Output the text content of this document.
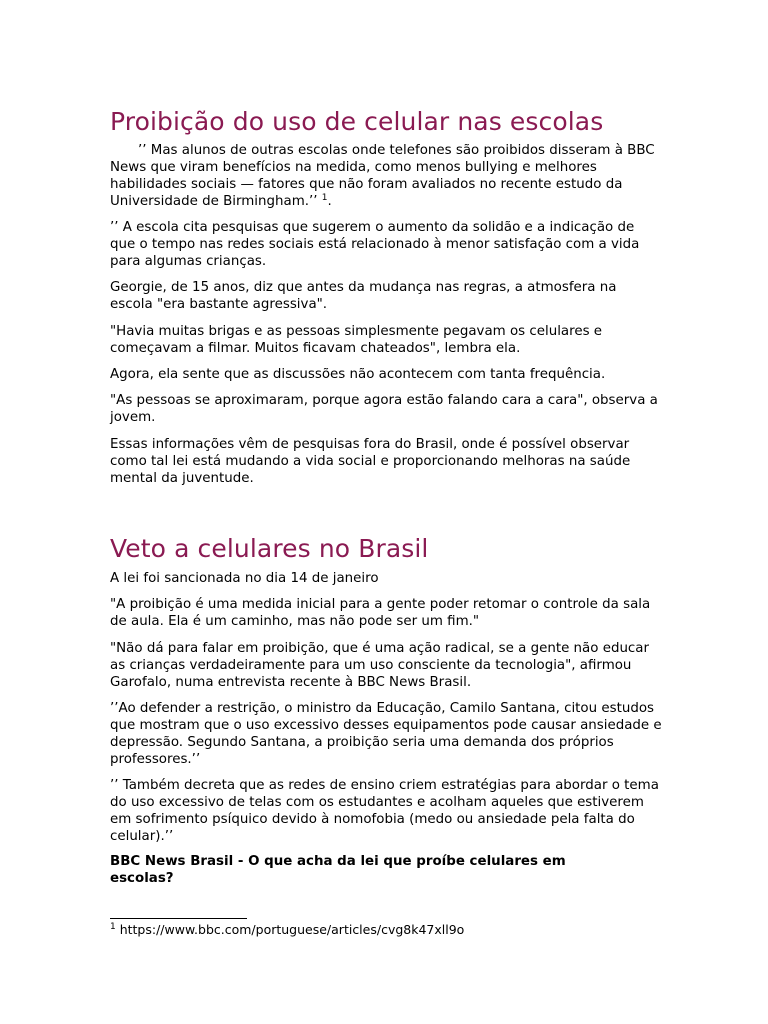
Proibição do uso de celular nas escolas

’’ Mas alunos de outras escolas onde telefones são proibidos disseram à BBC News que viram benefícios na medida, como menos bullying e melhores habilidades sociais — fatores que não foram avaliados no recente estudo da Universidade de Birmingham.’’ $^1$.

’’ A escola cita pesquisas que sugerem o aumento da solidão e a indicação de que o tempo nas redes sociais está relacionado à menor satisfação com a vida para algumas crianças.

Georgie, de 15 anos, diz que antes da mudança nas regras, a atmosfera na escola "era bastante agressiva".

"Havia muitas brigas e as pessoas simplesmente pegavam os celulares e começavam a filmar. Muitos ficavam chateados", lembra ela.

Agora, ela sente que as discussões não acontecem com tanta frequência.

"As pessoas se aproximaram, porque agora estão falando cara a cara", observa a jovem.

Essas informações vêm de pesquisas fora do Brasil, onde é possível observar como tal lei está mudando a vida social e proporcionando melhoras na saúde mental da juventude.

Veto a celulares no Brasil

A lei foi sancionada no dia 14 de janeiro

"A proibição é uma medida inicial para a gente poder retomar o controle da sala de aula. Ela é um caminho, mas não pode ser um fim."

"Não dá para falar em proibição, que é uma ação radical, se a gente não educar as crianças verdadeiramente para um uso consciente da tecnologia", afirmou Garofalo, numa entrevista recente à BBC News Brasil.

’’Ao defender a restrição, o ministro da Educação, Camilo Santana, citou estudos que mostram que o uso excessivo desses equipamentos pode causar ansiedade e depressão. Segundo Santana, a proibição seria uma demanda dos próprios professores.’’

’’ Também decreta que as redes de ensino criem estratégias para abordar o tema do uso excessivo de telas com os estudantes e acolham aqueles que estiverem em sofrimento psíquico devido à nomofobia (medo ou ansiedade pela falta do celular).’’

BBC News Brasil - O que acha da lei que proíbe celulares em escolas?

$^1$ https://www.bbc.com/portuguese/articles/cvg8k47xll9o
